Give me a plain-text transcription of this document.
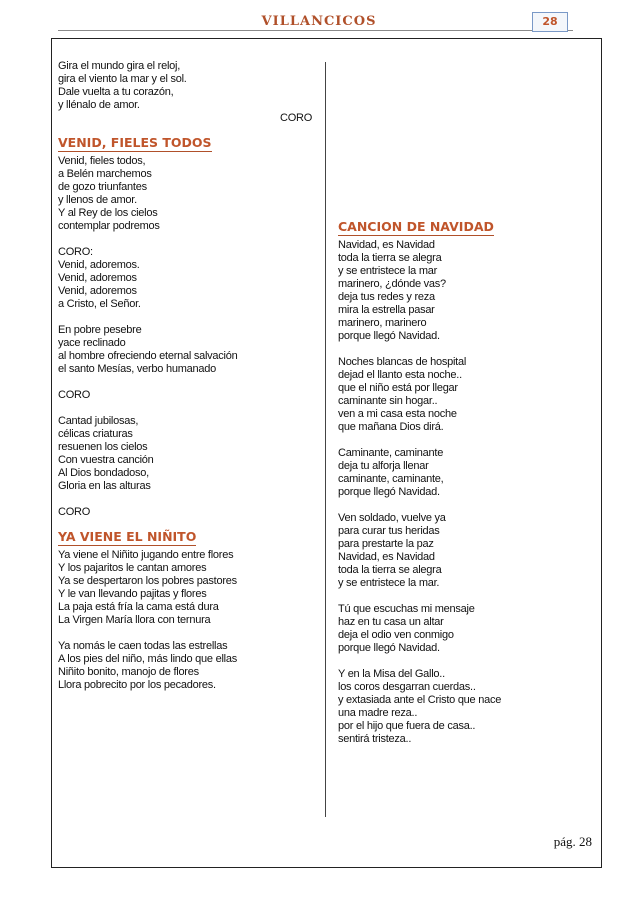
VILLANCICOS	28
Gira el mundo gira el reloj,
gira el viento la mar y el sol.
Dale vuelta a tu corazón,
y llénalo de amor.
CORO
VENID, FIELES TODOS
Venid, fieles todos,
a Belén marchemos
de gozo triunfantes
y llenos de amor.
Y al Rey de los cielos
contemplar podremos
CORO:
Venid, adoremos.
Venid, adoremos
Venid, adoremos
a Cristo, el Señor.
En pobre pesebre
yace reclinado
al hombre ofreciendo eternal salvación
el santo Mesías, verbo humanado
CORO
Cantad jubilosas,
célicas criaturas
resuenen los cielos
Con vuestra canción
Al Dios bondadoso,
Gloria en las alturas
CORO
YA VIENE EL NIÑITO
Ya viene el Niñito jugando entre flores
Y los pajaritos le cantan amores
Ya se despertaron los pobres pastores
Y le van llevando pajitas y flores
La paja está fría la cama está dura
La Virgen María llora con ternura
Ya nomás le caen todas las estrellas
A los pies del niño, más lindo que ellas
Niñito bonito, manojo de flores
Llora pobrecito por los pecadores.
CANCION DE NAVIDAD
Navidad, es Navidad
toda la tierra se alegra
y se entristece la mar
marinero, ¿dónde vas?
deja tus redes y reza
mira la estrella pasar
marinero, marinero
porque llegó Navidad.
Noches blancas de hospital
dejad el llanto esta noche..
que el niño está por llegar
caminante sin hogar..
ven a mi casa esta noche
que mañana Dios dirá.
Caminante, caminante
deja tu alforja llenar
caminante, caminante,
porque llegó Navidad.
Ven soldado, vuelve ya
para curar tus heridas
para prestarte la paz
Navidad, es Navidad
toda la tierra se alegra
y se entristece la mar.
Tú que escuchas mi mensaje
haz en tu casa un altar
deja el odio ven conmigo
porque llegó Navidad.
Y en la Misa del Gallo..
los coros desgarran cuerdas..
y extasiada ante el Cristo que nace
una madre reza..
por el hijo que fuera de casa..
sentirá tristeza..
pág. 28
